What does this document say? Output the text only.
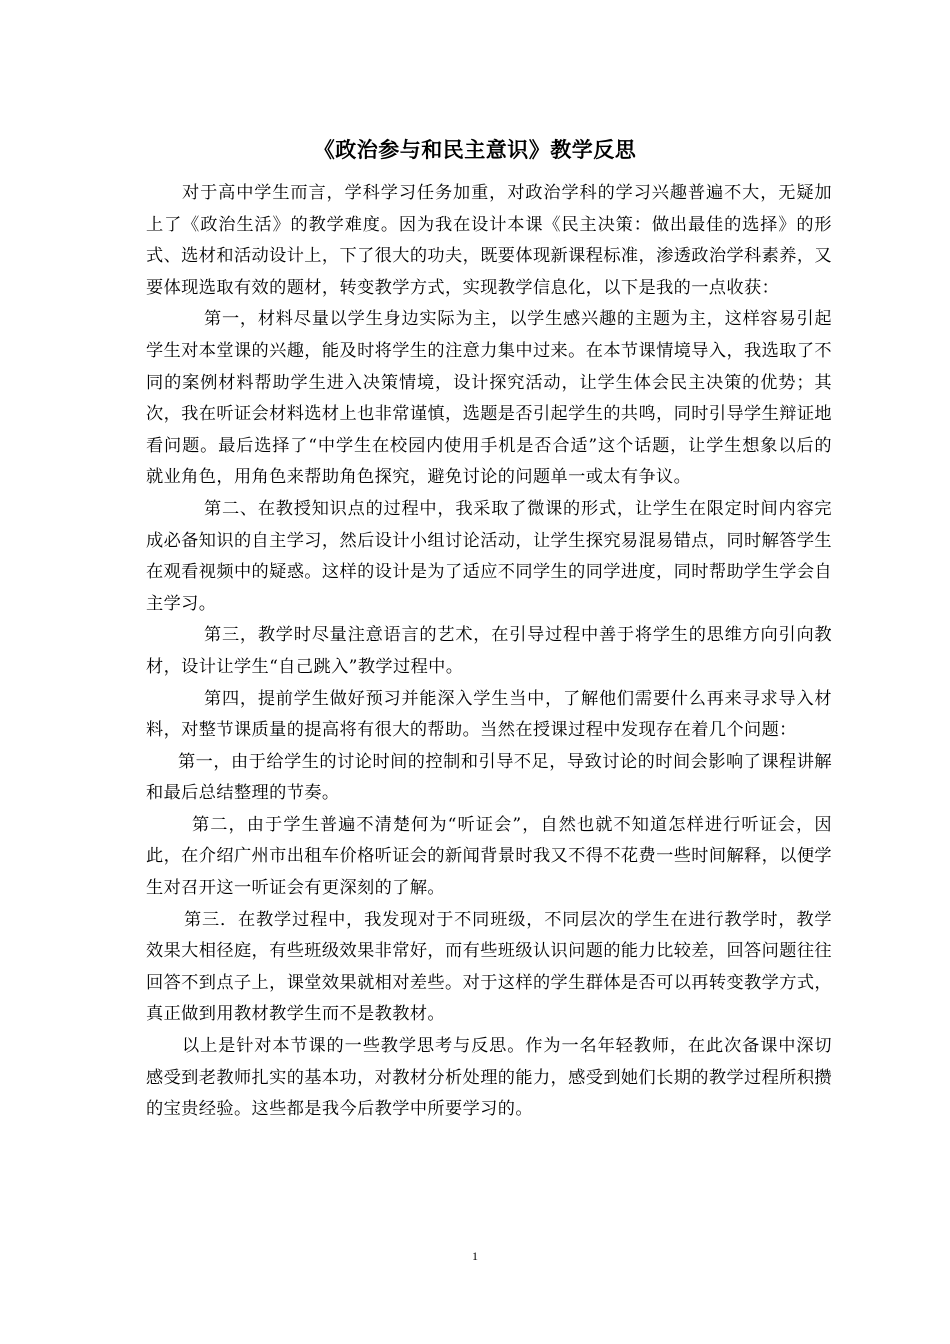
《政治参与和民主意识》教学反思

对于高中学生而言，学科学习任务加重，对政治学科的学习兴趣普遍不大，无疑加上了《政治生活》的教学难度。因为我在设计本课《民主决策：做出最佳的选择》的形式、选材和活动设计上，下了很大的功夫，既要体现新课程标准，渗透政治学科素养，又要体现选取有效的题材，转变教学方式，实现教学信息化，以下是我的一点收获：

第一，材料尽量以学生身边实际为主，以学生感兴趣的主题为主，这样容易引起学生对本堂课的兴趣，能及时将学生的注意力集中过来。在本节课情境导入，我选取了不同的案例材料帮助学生进入决策情境，设计探究活动，让学生体会民主决策的优势；其次，我在听证会材料选材上也非常谨慎，选题是否引起学生的共鸣，同时引导学生辩证地看问题。最后选择了“中学生在校园内使用手机是否合适”这个话题，让学生想象以后的就业角色，用角色来帮助角色探究，避免讨论的问题单一或太有争议。

第二、在教授知识点的过程中，我采取了微课的形式，让学生在限定时间内容完成必备知识的自主学习，然后设计小组讨论活动，让学生探究易混易错点，同时解答学生在观看视频中的疑惑。这样的设计是为了适应不同学生的同学进度，同时帮助学生学会自主学习。

第三，教学时尽量注意语言的艺术，在引导过程中善于将学生的思维方向引向教材，设计让学生“自己跳入”教学过程中。

第四，提前学生做好预习并能深入学生当中，了解他们需要什么再来寻求导入材料，对整节课质量的提高将有很大的帮助。当然在授课过程中发现存在着几个问题：

第一，由于给学生的讨论时间的控制和引导不足，导致讨论的时间会影响了课程讲解和最后总结整理的节奏。

第二，由于学生普遍不清楚何为“听证会”，自然也就不知道怎样进行听证会，因此，在介绍广州市出租车价格听证会的新闻背景时我又不得不花费一些时间解释，以便学生对召开这一听证会有更深刻的了解。

第三．在教学过程中，我发现对于不同班级，不同层次的学生在进行教学时，教学效果大相径庭，有些班级效果非常好，而有些班级认识问题的能力比较差，回答问题往往回答不到点子上，课堂效果就相对差些。对于这样的学生群体是否可以再转变教学方式，真正做到用教材教学生而不是教教材。

以上是针对本节课的一些教学思考与反思。作为一名年轻教师，在此次备课中深切感受到老教师扎实的基本功，对教材分析处理的能力，感受到她们长期的教学过程所积攒的宝贵经验。这些都是我今后教学中所要学习的。

1
